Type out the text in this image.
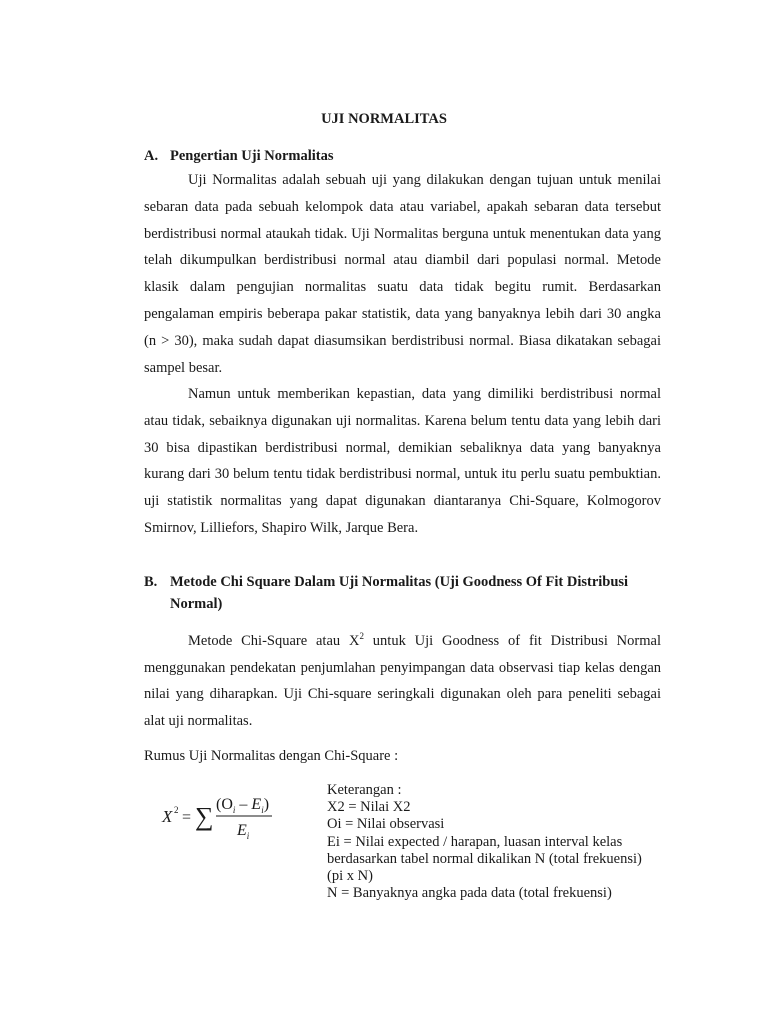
UJI NORMALITAS
A. Pengertian Uji Normalitas

Uji Normalitas adalah sebuah uji yang dilakukan dengan tujuan untuk menilai sebaran data pada sebuah kelompok data atau variabel, apakah sebaran data tersebut berdistribusi normal ataukah tidak. Uji Normalitas berguna untuk menentukan data yang telah dikumpulkan berdistribusi normal atau diambil dari populasi normal. Metode klasik dalam pengujian normalitas suatu data tidak begitu rumit. Berdasarkan pengalaman empiris beberapa pakar statistik, data yang banyaknya lebih dari 30 angka (n > 30), maka sudah dapat diasumsikan berdistribusi normal. Biasa dikatakan sebagai sampel besar.

Namun untuk memberikan kepastian, data yang dimiliki berdistribusi normal atau tidak, sebaiknya digunakan uji normalitas. Karena belum tentu data yang lebih dari 30 bisa dipastikan berdistribusi normal, demikian sebaliknya data yang banyaknya kurang dari 30 belum tentu tidak berdistribusi normal, untuk itu perlu suatu pembuktian. uji statistik normalitas yang dapat digunakan diantaranya Chi-Square, Kolmogorov Smirnov, Lilliefors, Shapiro Wilk, Jarque Bera.

B. Metode Chi Square Dalam Uji Normalitas (Uji Goodness Of Fit Distribusi
Normal)

Metode Chi-Square atau $X^2$ untuk Uji Goodness of fit Distribusi Normal menggunakan pendekatan penjumlahan penyimpangan data observasi tiap kelas dengan nilai yang diharapkan. Uji Chi-square seringkali digunakan oleh para peneliti sebagai alat uji normalitas.

Rumus Uji Normalitas dengan Chi-Square :

X 2 = ∑ $(O_i - E_i)$
$E_i$
Keterangan :
X2 = Nilai X2
Oi = Nilai observasi
Ei = Nilai expected / harapan, luasan interval kelas
berdasarkan tabel normal dikalikan N (total frekuensi)
(pi x N)
N = Banyaknya angka pada data (total frekuensi)
